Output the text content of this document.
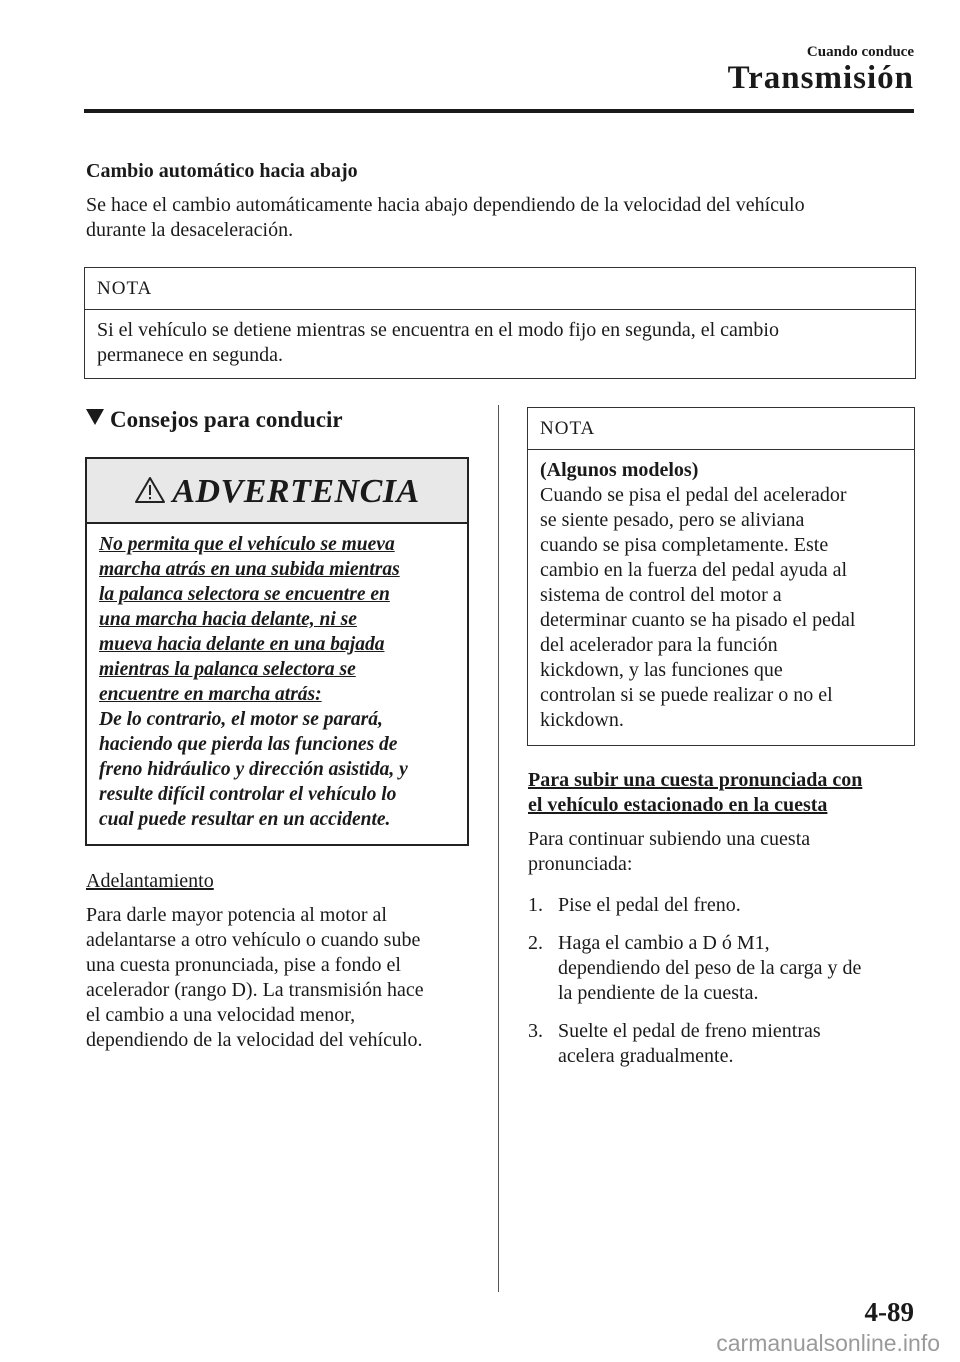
Cuando conduce
Transmisión
Cambio automático hacia abajo
Se hace el cambio automáticamente hacia abajo dependiendo de la velocidad del vehículo
durante la desaceleración.
NOTA
Si el vehículo se detiene mientras se encuentra en el modo fijo en segunda, el cambio
permanece en segunda.
Consejos para conducir
ADVERTENCIA
No permita que el vehículo se mueva
marcha atrás en una subida mientras
la palanca selectora se encuentre en
una marcha hacia delante, ni se
mueva hacia delante en una bajada
mientras la palanca selectora se
encuentre en marcha atrás:
De lo contrario, el motor se parará,
haciendo que pierda las funciones de
freno hidráulico y dirección asistida, y
resulte difícil controlar el vehículo lo
cual puede resultar en un accidente.
Adelantamiento
Para darle mayor potencia al motor al
adelantarse a otro vehículo o cuando sube
una cuesta pronunciada, pise a fondo el
acelerador (rango D). La transmisión hace
el cambio a una velocidad menor,
dependiendo de la velocidad del vehículo.
NOTA
(Algunos modelos)
Cuando se pisa el pedal del acelerador
se siente pesado, pero se aliviana
cuando se pisa completamente. Este
cambio en la fuerza del pedal ayuda al
sistema de control del motor a
determinar cuanto se ha pisado el pedal
del acelerador para la función
kickdown, y las funciones que
controlan si se puede realizar o no el
kickdown.
Para subir una cuesta pronunciada con
el vehículo estacionado en la cuesta
Para continuar subiendo una cuesta
pronunciada:
1. Pise el pedal del freno.
2. Haga el cambio a D ó M1,
dependiendo del peso de la carga y de
la pendiente de la cuesta.
3. Suelte el pedal de freno mientras
acelera gradualmente.
4-89
carmanualsonline.info
